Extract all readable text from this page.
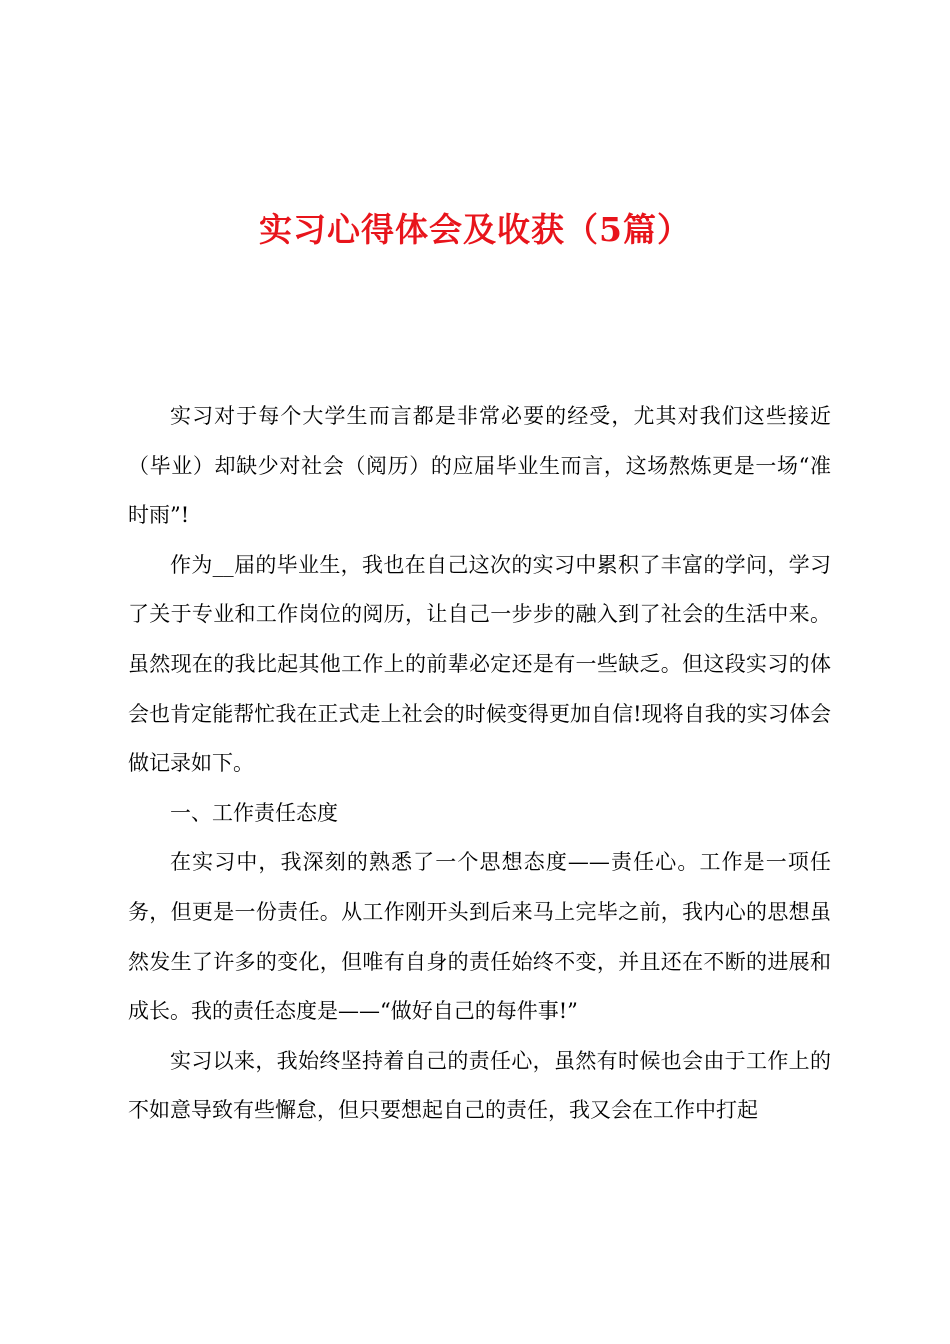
实习心得体会及收获（5篇）

实习对于每个大学生而言都是非常必要的经受，尤其对我们这些接近（毕业）却缺少对社会（阅历）的应届毕业生而言，这场熬炼更是一场“准时雨”!

作为__届的毕业生，我也在自己这次的实习中累积了丰富的学问，学习了关于专业和工作岗位的阅历，让自己一步步的融入到了社会的生活中来。虽然现在的我比起其他工作上的前辈必定还是有一些缺乏。但这段实习的体会也肯定能帮忙我在正式走上社会的时候变得更加自信!现将自我的实习体会做记录如下。

一、工作责任态度

在实习中，我深刻的熟悉了一个思想态度——责任心。工作是一项任务，但更是一份责任。从工作刚开头到后来马上完毕之前，我内心的思想虽然发生了许多的变化，但唯有自身的责任始终不变，并且还在不断的进展和成长。我的责任态度是——“做好自己的每件事!”

实习以来，我始终坚持着自己的责任心，虽然有时候也会由于工作上的不如意导致有些懈怠，但只要想起自己的责任，我又会在工作中打起
